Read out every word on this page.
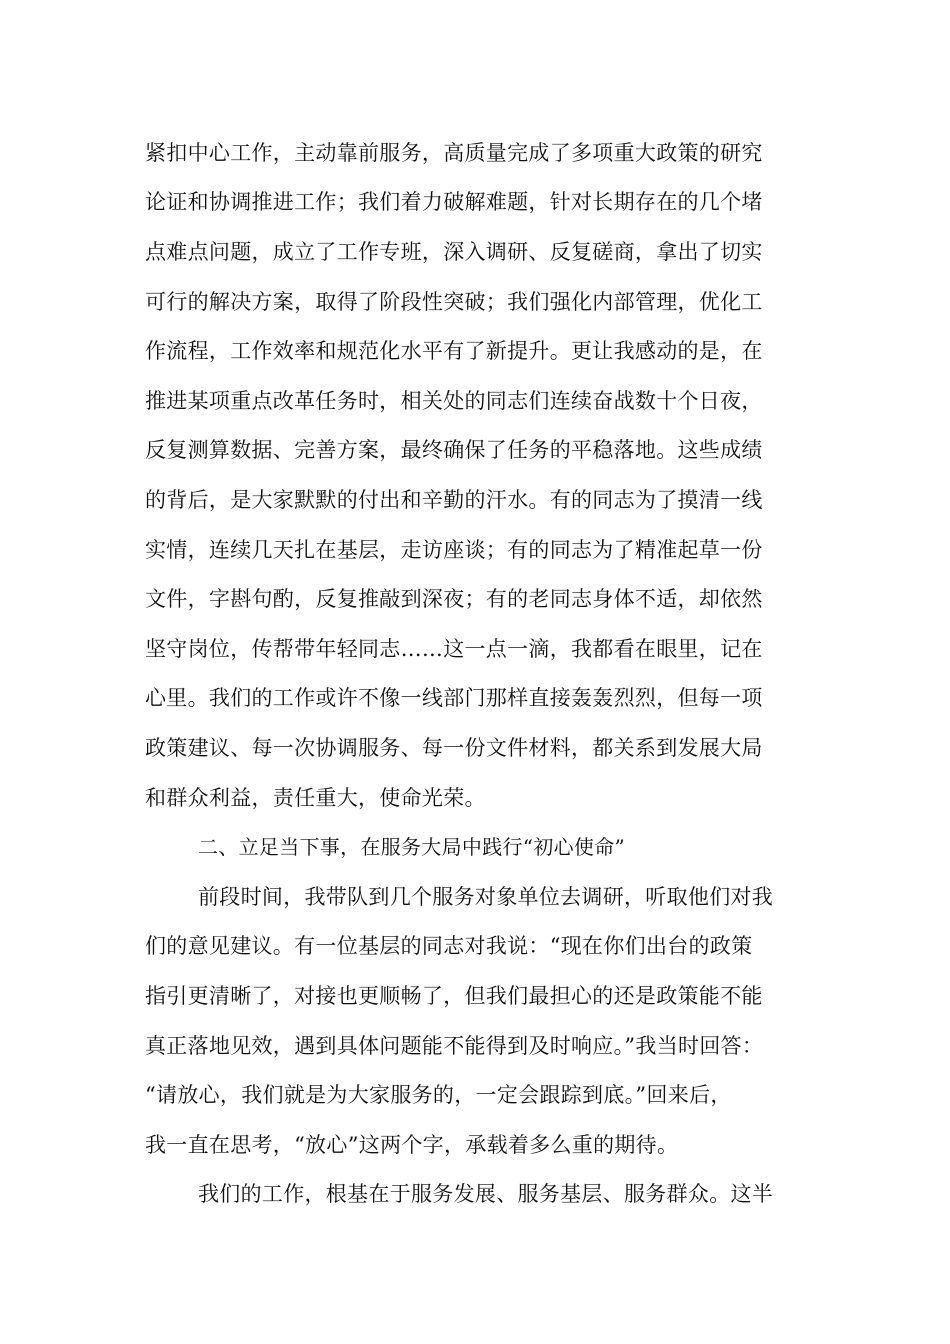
紧扣中心工作，主动靠前服务，高质量完成了多项重大政策的研究
论证和协调推进工作；我们着力破解难题，针对长期存在的几个堵
点难点问题，成立了工作专班，深入调研、反复磋商，拿出了切实
可行的解决方案，取得了阶段性突破；我们强化内部管理，优化工
作流程，工作效率和规范化水平有了新提升。更让我感动的是，在
推进某项重点改革任务时，相关处的同志们连续奋战数十个日夜，
反复测算数据、完善方案，最终确保了任务的平稳落地。这些成绩
的背后，是大家默默的付出和辛勤的汗水。有的同志为了摸清一线
实情，连续几天扎在基层，走访座谈；有的同志为了精准起草一份
文件，字斟句酌，反复推敲到深夜；有的老同志身体不适，却依然
坚守岗位，传帮带年轻同志……这一点一滴，我都看在眼里，记在
心里。我们的工作或许不像一线部门那样直接轰轰烈烈，但每一项
政策建议、每一次协调服务、每一份文件材料，都关系到发展大局
和群众利益，责任重大，使命光荣。
二、立足当下事，在服务大局中践行“初心使命”
前段时间，我带队到几个服务对象单位去调研，听取他们对我
们的意见建议。有一位基层的同志对我说：“现在你们出台的政策
指引更清晰了，对接也更顺畅了，但我们最担心的还是政策能不能
真正落地见效，遇到具体问题能不能得到及时响应。”我当时回答：
“请放心，我们就是为大家服务的，一定会跟踪到底。”回来后，
我一直在思考，“放心”这两个字，承载着多么重的期待。
我们的工作，根基在于服务发展、服务基层、服务群众。这半
